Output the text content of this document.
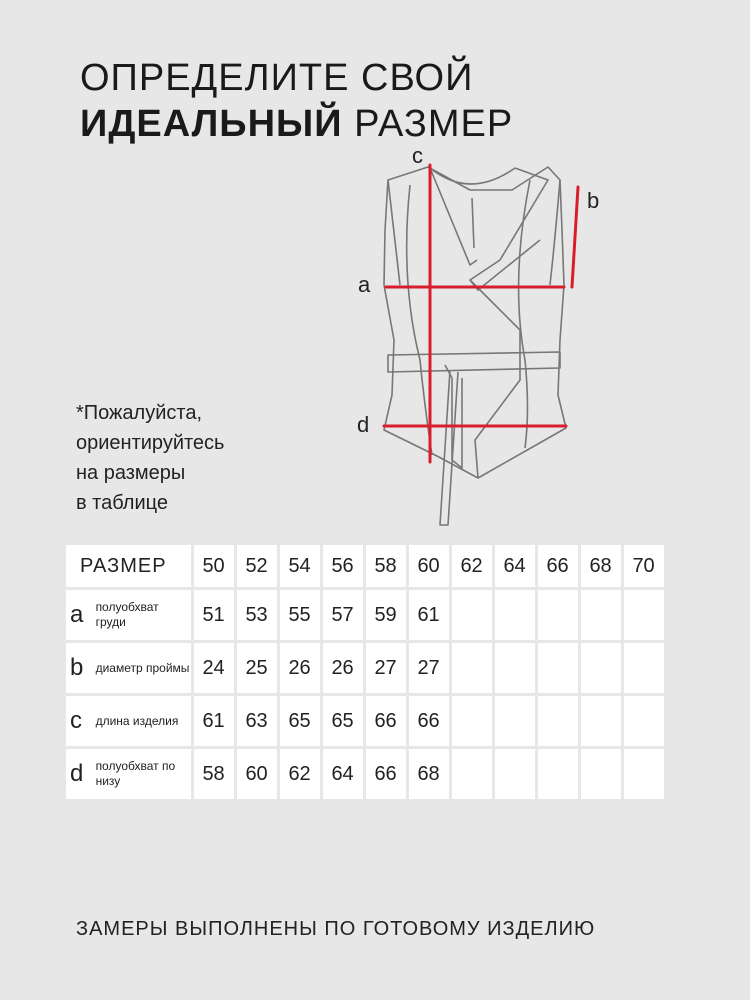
ОПРЕДЕЛИТЕ СВОЙ
ИДЕАЛЬНЫЙ РАЗМЕР
*Пожалуйста,
ориентируйтесь
на размеры
в таблице
c
b
a
d
РАЗМЕР	50	52	54	56	58	60	62	64	66	68	70
a полуобхват груди	51	53	55	57	59	61					
b диаметр проймы	24	25	26	26	27	27					
c длина изделия	61	63	65	65	66	66					
d полуобхват по низу	58	60	62	64	66	68					
ЗАМЕРЫ ВЫПОЛНЕНЫ ПО ГОТОВОМУ ИЗДЕЛИЮ
